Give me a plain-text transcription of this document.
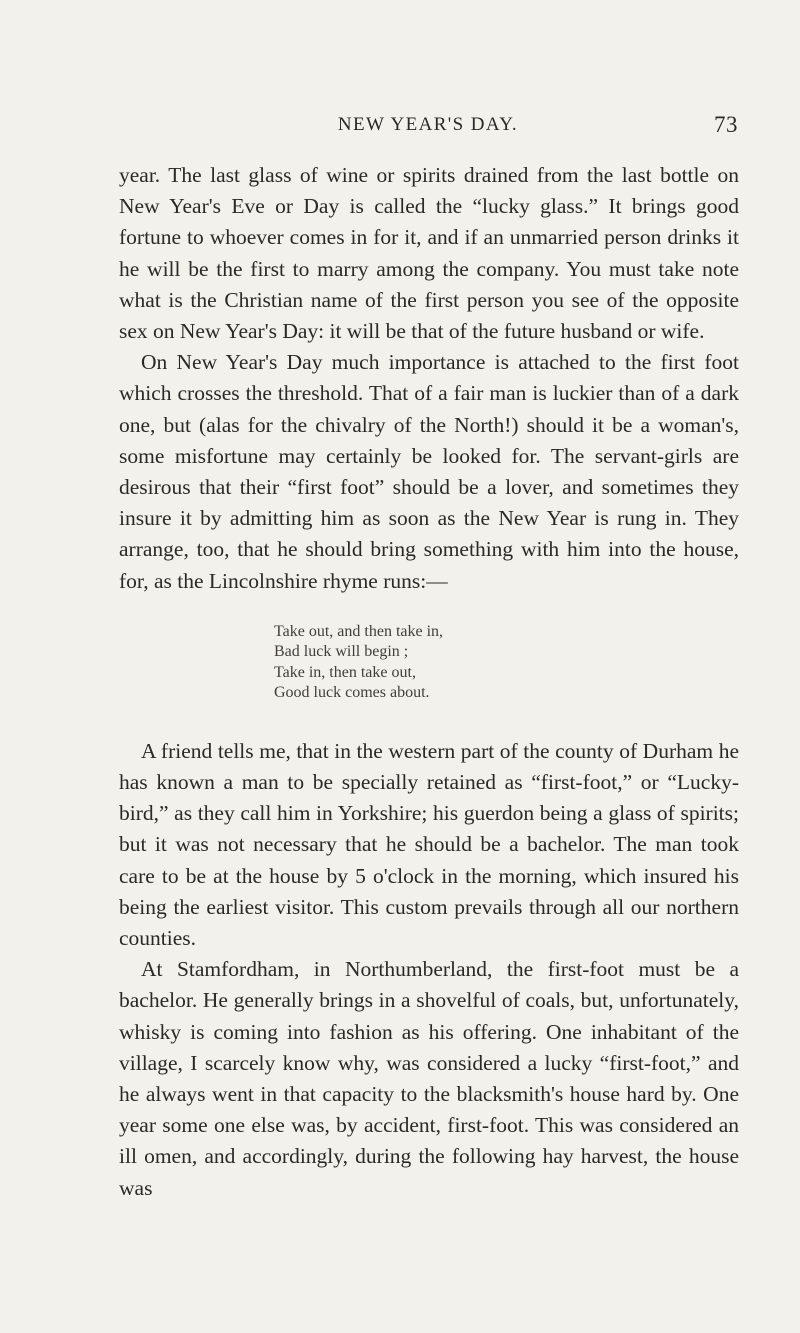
NEW YEAR'S DAY.	73

year. The last glass of wine or spirits drained from the last bottle on New Year's Eve or Day is called the “lucky glass.” It brings good fortune to whoever comes in for it, and if an unmarried person drinks it he will be the first to marry among the company. You must take note what is the Christian name of the first person you see of the opposite sex on New Year's Day: it will be that of the future husband or wife.

On New Year's Day much importance is attached to the first foot which crosses the threshold. That of a fair man is luckier than of a dark one, but (alas for the chivalry of the North!) should it be a woman's, some misfortune may certainly be looked for. The servant-girls are desirous that their “first foot” should be a lover, and sometimes they insure it by admitting him as soon as the New Year is rung in. They arrange, too, that he should bring something with him into the house, for, as the Lincolnshire rhyme runs:—

Take out, and then take in,
Bad luck will begin ;
Take in, then take out,
Good luck comes about.

A friend tells me, that in the western part of the county of Durham he has known a man to be specially retained as “first-foot,” or “Lucky-bird,” as they call him in Yorkshire; his guerdon being a glass of spirits; but it was not necessary that he should be a bachelor. The man took care to be at the house by 5 o'clock in the morning, which insured his being the earliest visitor. This custom prevails through all our northern counties.

At Stamfordham, in Northumberland, the first-foot must be a bachelor. He generally brings in a shovelful of coals, but, unfortunately, whisky is coming into fashion as his offering. One inhabitant of the village, I scarcely know why, was considered a lucky “first-foot,” and he always went in that capacity to the blacksmith's house hard by. One year some one else was, by accident, first-foot. This was considered an ill omen, and accordingly, during the following hay harvest, the house was
